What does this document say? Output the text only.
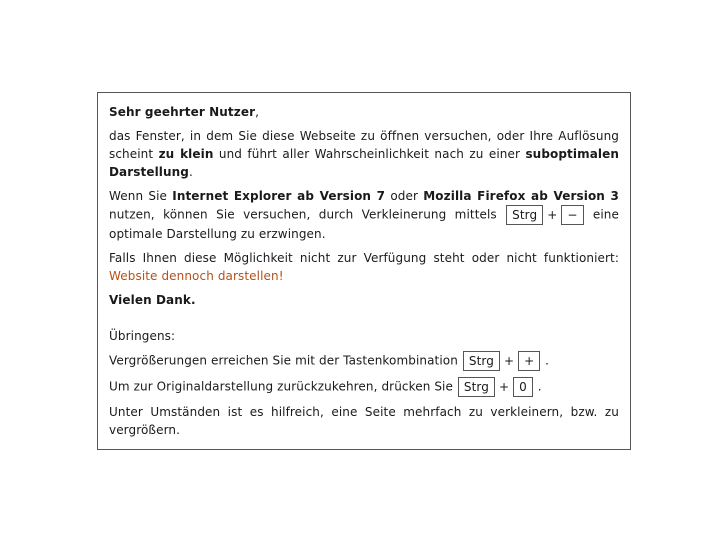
Sehr geehrter Nutzer,

das Fenster, in dem Sie diese Webseite zu öffnen versuchen, oder Ihre Auflösung scheint zu klein und führt aller Wahrscheinlichkeit nach zu einer suboptimalen Darstellung.

Wenn Sie Internet Explorer ab Version 7 oder Mozilla Firefox ab Version 3 nutzen, können Sie versuchen, durch Verkleinerung mittels Strg + − eine optimale Darstellung zu erzwingen.

Falls Ihnen diese Möglichkeit nicht zur Verfügung steht oder nicht funktioniert: Website dennoch darstellen!

Vielen Dank.

Übringens:

Vergrößerungen erreichen Sie mit der Tastenkombination Strg + + .

Um zur Originaldarstellung zurückzukehren, drücken Sie Strg + 0 .

Unter Umständen ist es hilfreich, eine Seite mehrfach zu verkleinern, bzw. zu vergrößern.
